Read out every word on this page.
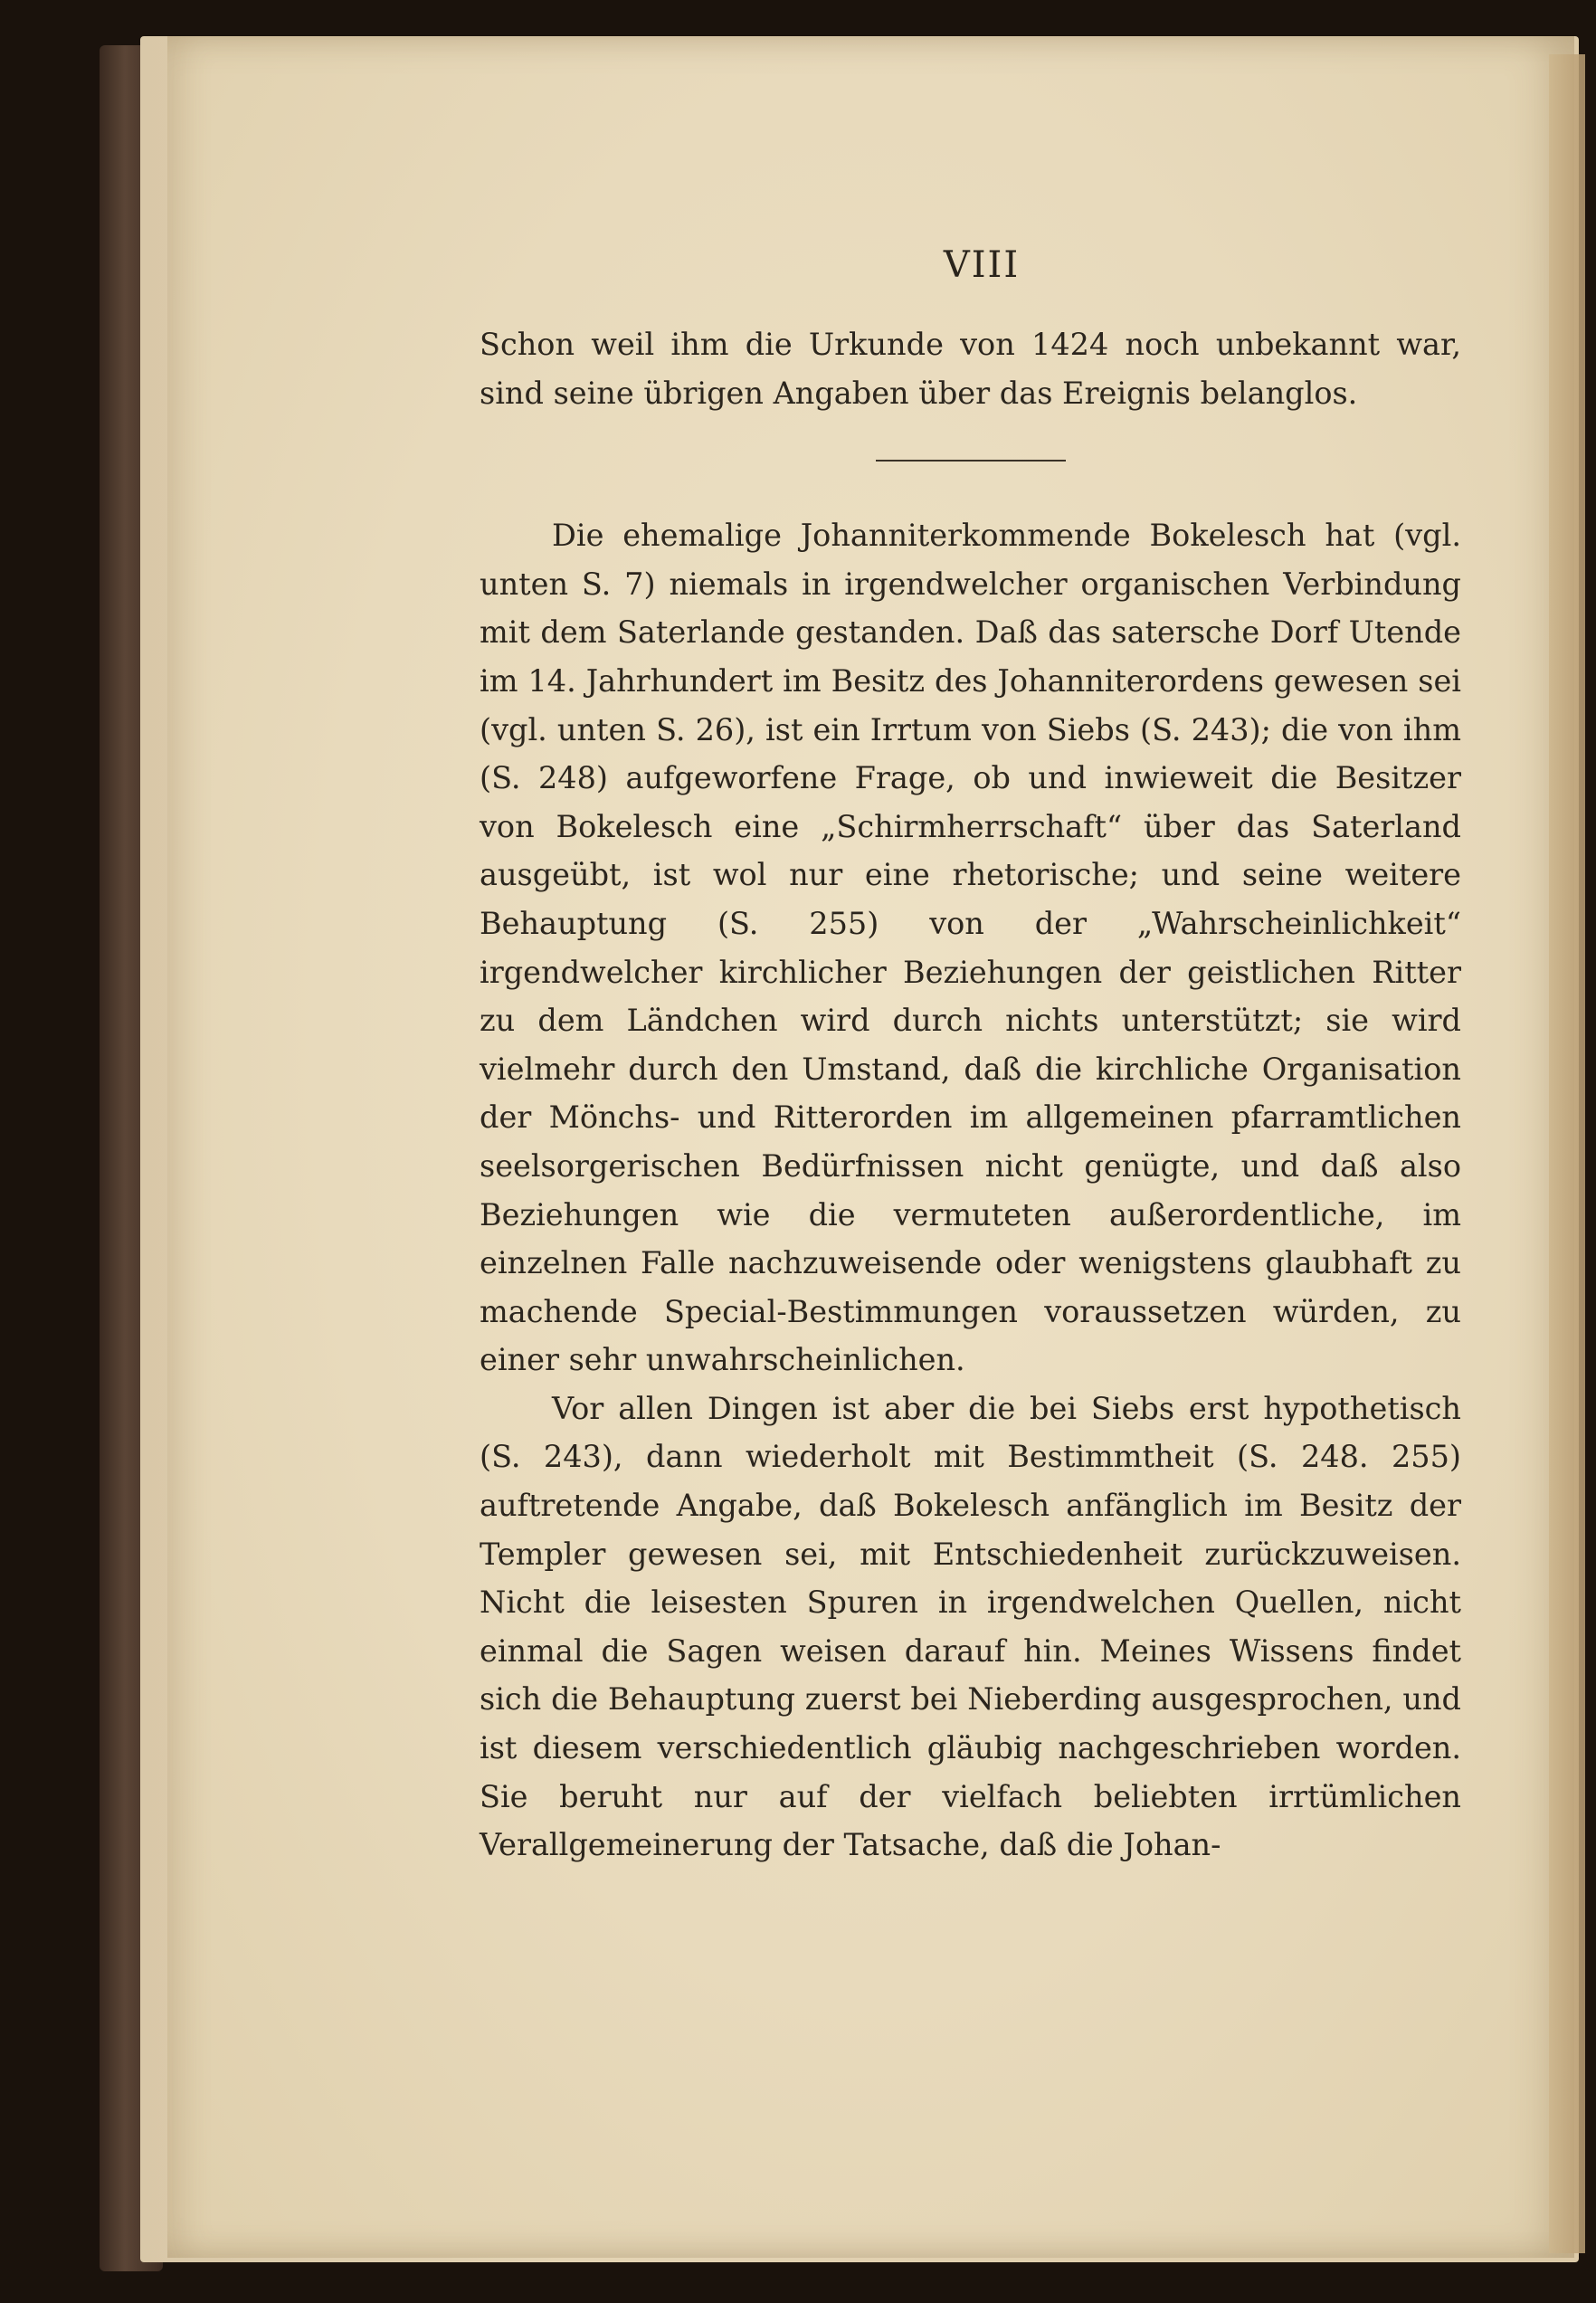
VIII

Schon weil ihm die Urkunde von 1424 noch unbekannt war, sind seine übrigen Angaben über das Ereignis belanglos.

Die ehemalige Johanniterkommende Bokelesch hat (vgl. unten S. 7) niemals in irgendwelcher organischen Verbindung mit dem Saterlande gestanden. Daß das satersche Dorf Utende im 14. Jahrhundert im Besitz des Johanniterordens gewesen sei (vgl. unten S. 26), ist ein Irrtum von Siebs (S. 243); die von ihm (S. 248) aufgeworfene Frage, ob und inwieweit die Besitzer von Bokelesch eine „Schirmherrschaft“ über das Saterland ausgeübt, ist wol nur eine rhetorische; und seine weitere Behauptung (S. 255) von der „Wahrscheinlichkeit“ irgendwelcher kirchlicher Beziehungen der geistlichen Ritter zu dem Ländchen wird durch nichts unterstützt; sie wird vielmehr durch den Umstand, daß die kirchliche Organisation der Mönchs- und Ritterorden im allgemeinen pfarramtlichen seelsorgerischen Bedürfnissen nicht genügte, und daß also Beziehungen wie die vermuteten außerordentliche, im einzelnen Falle nachzuweisende oder wenigstens glaubhaft zu machende Special-Bestimmungen voraussetzen würden, zu einer sehr unwahrscheinlichen.

Vor allen Dingen ist aber die bei Siebs erst hypothetisch (S. 243), dann wiederholt mit Bestimmtheit (S. 248. 255) auftretende Angabe, daß Bokelesch anfänglich im Besitz der Templer gewesen sei, mit Entschiedenheit zurückzuweisen. Nicht die leisesten Spuren in irgendwelchen Quellen, nicht einmal die Sagen weisen darauf hin. Meines Wissens findet sich die Behauptung zuerst bei Nieberding ausgesprochen, und ist diesem verschiedentlich gläubig nachgeschrieben worden. Sie beruht nur auf der vielfach beliebten irrtümlichen Verallgemeinerung der Tatsache, daß die Johan-
